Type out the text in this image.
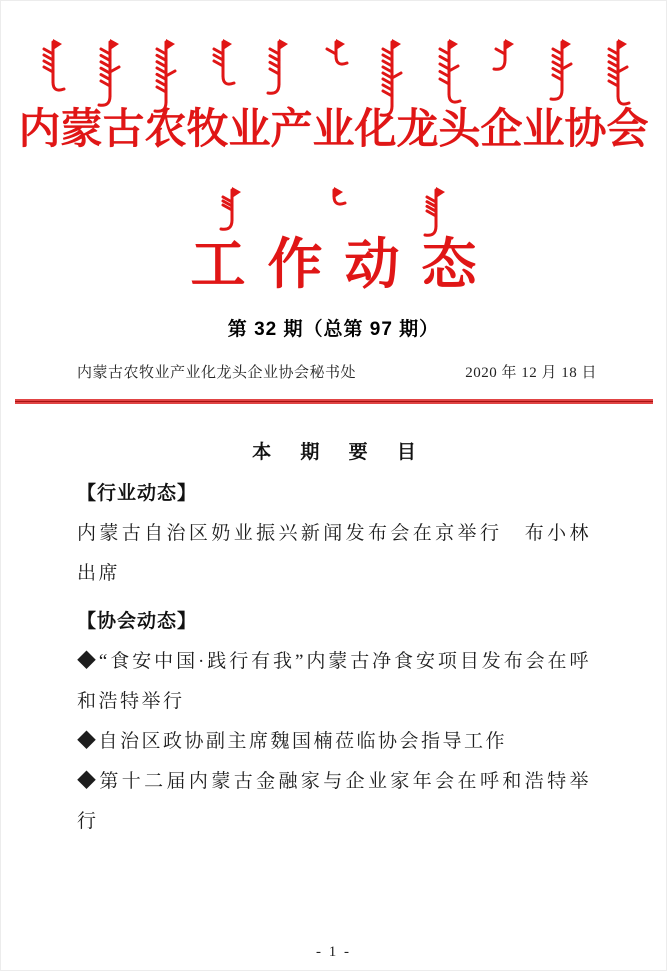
内蒙古农牧业产业化龙头企业协会
工作动态
第 32 期（总第 97 期）
内蒙古农牧业产业化龙头企业协会秘书处	2020 年 12 月 18 日
本 期 要 目
【行业动态】

内蒙古自治区奶业振兴新闻发布会在京举行　布小林出席

【协会动态】

◆“食安中国·践行有我”内蒙古净食安项目发布会在呼和浩特举行

◆自治区政协副主席魏国楠莅临协会指导工作

◆第十二届内蒙古金融家与企业家年会在呼和浩特举行

- 1 -
